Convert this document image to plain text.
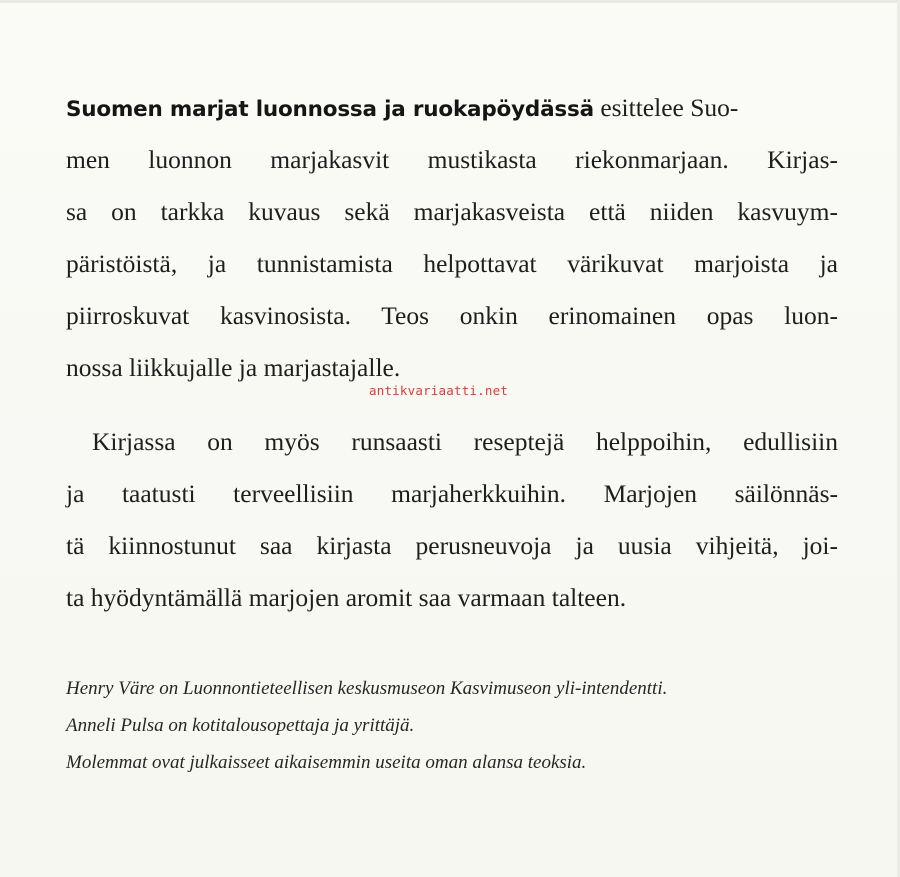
Suomen marjat luonnossa ja ruokapöydässä esittelee Suo-
men luonnon marjakasvit mustikasta riekonmarjaan. Kirjas-
sa on tarkka kuvaus sekä marjakasveista että niiden kasvuym-
päristöistä, ja tunnistamista helpottavat värikuvat marjoista ja
piirroskuvat kasvinosista. Teos onkin erinomainen opas luon-
nossa liikkujalle ja marjastajalle.
Kirjassa on myös runsaasti reseptejä helppoihin, edullisiin
ja taatusti terveellisiin marjaherkkuihin. Marjojen säilönnäs-
tä kiinnostunut saa kirjasta perusneuvoja ja uusia vihjeitä, joi-
ta hyödyntämällä marjojen aromit saa varmaan talteen.
Henry Väre on Luonnontieteellisen keskusmuseon Kasvimuseon yli-intendentti.
Anneli Pulsa on kotitalousopettaja ja yrittäjä.
Molemmat ovat julkaisseet aikaisemmin useita oman alansa teoksia.
antikvariaatti.net
